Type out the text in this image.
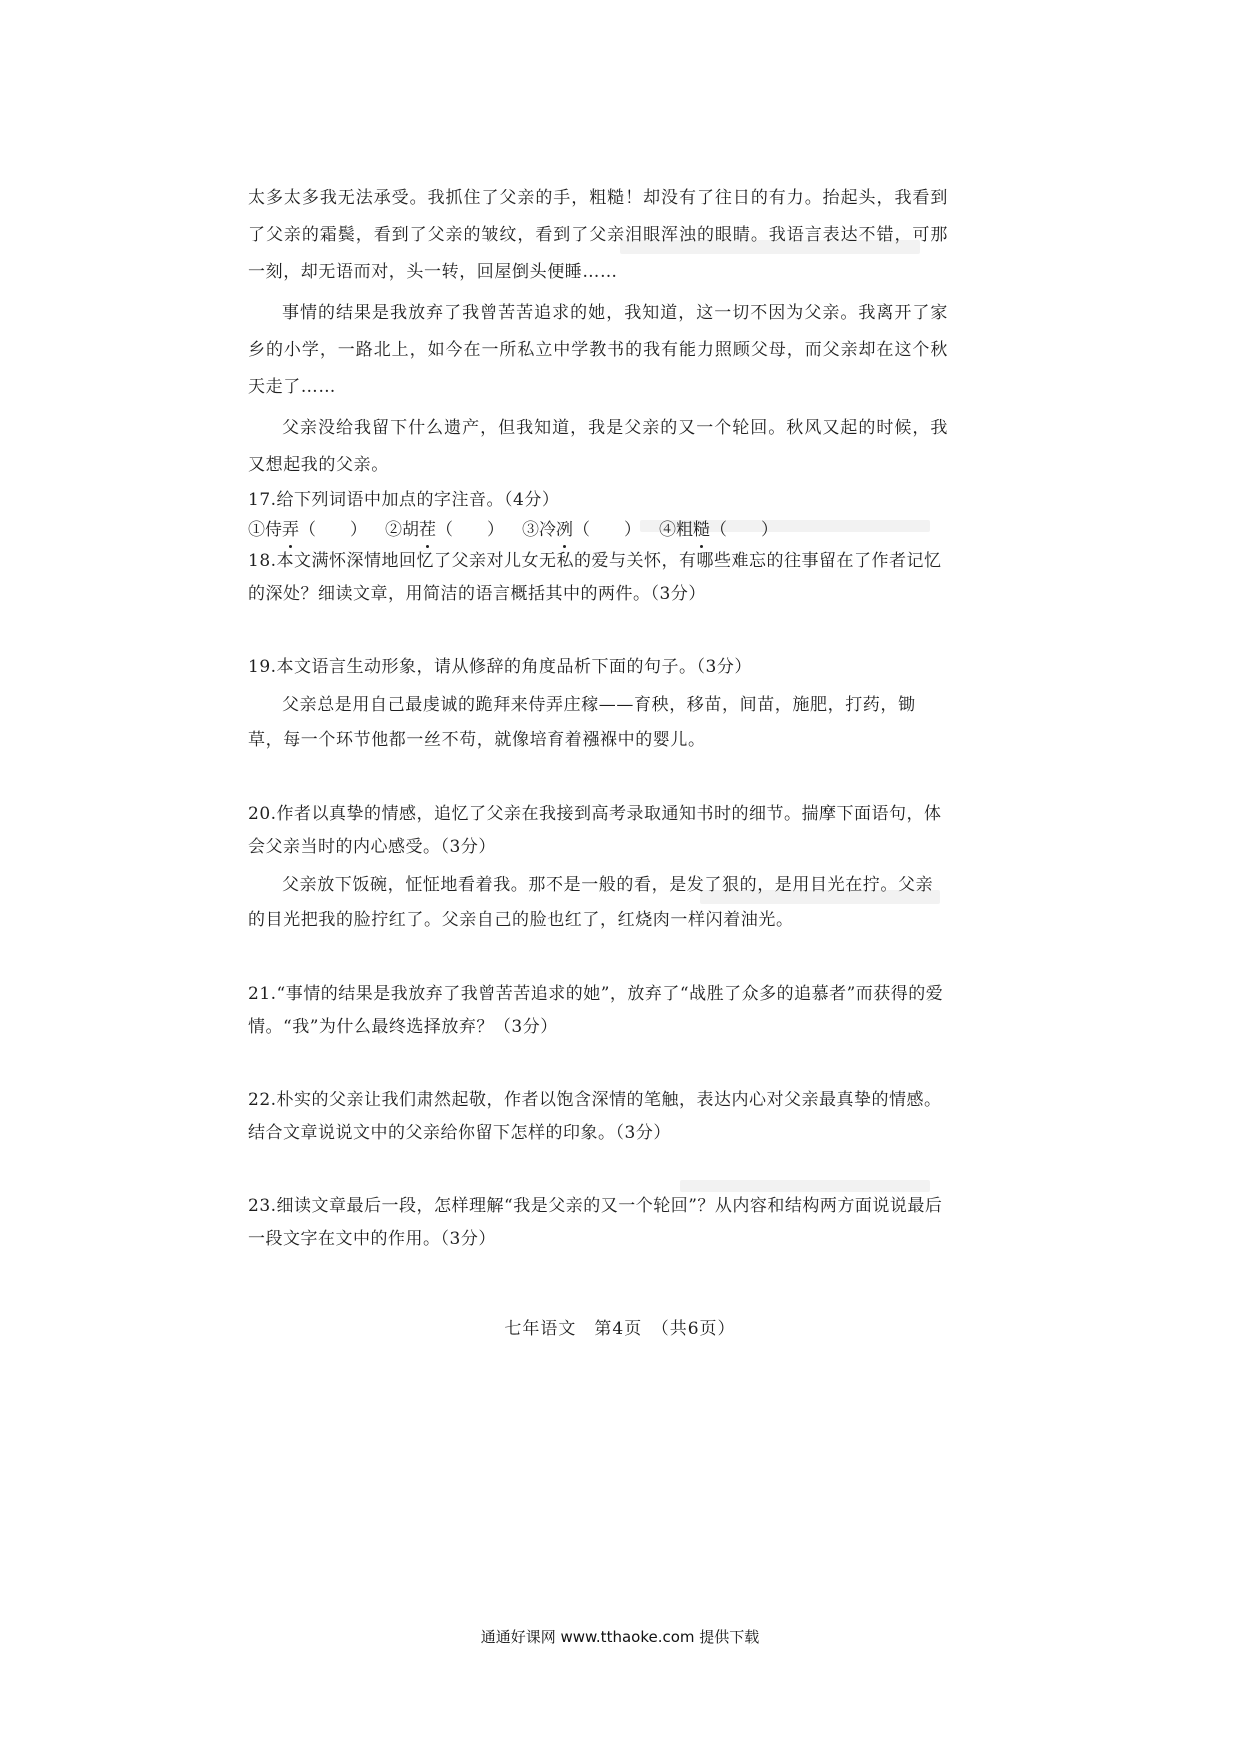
太多太多我无法承受。我抓住了父亲的手，粗糙！却没有了往日的有力。抬起头，我看到了父亲的霜鬓，看到了父亲的皱纹，看到了父亲泪眼浑浊的眼睛。我语言表达不错，可那一刻，却无语而对，头一转，回屋倒头便睡……

事情的结果是我放弃了我曾苦苦追求的她，我知道，这一切不因为父亲。我离开了家乡的小学，一路北上，如今在一所私立中学教书的我有能力照顾父母，而父亲却在这个秋天走了……

父亲没给我留下什么遗产，但我知道，我是父亲的又一个轮回。秋风又起的时候，我又想起我的父亲。

17.给下列词语中加点的字注音。（4分）

①侍弄（　　） ②胡茬（　　） ③冷冽（　　） ④粗糙（　　）

18.本文满怀深情地回忆了父亲对儿女无私的爱与关怀，有哪些难忘的往事留在了作者记忆

的深处？细读文章，用简洁的语言概括其中的两件。（3分）

19.本文语言生动形象，请从修辞的角度品析下面的句子。（3分）

父亲总是用自己最虔诚的跪拜来侍弄庄稼——育秧，移苗，间苗，施肥，打药，锄草，每一个环节他都一丝不苟，就像培育着襁褓中的婴儿。

20.作者以真挚的情感，追忆了父亲在我接到高考录取通知书时的细节。揣摩下面语句，体

会父亲当时的内心感受。（3分）

父亲放下饭碗，怔怔地看着我。那不是一般的看，是发了狠的，是用目光在拧。父亲的目光把我的脸拧红了。父亲自己的脸也红了，红烧肉一样闪着油光。

21.“事情的结果是我放弃了我曾苦苦追求的她”，放弃了“战胜了众多的追慕者”而获得的爱

情。“我”为什么最终选择放弃？（3分）

22.朴实的父亲让我们肃然起敬，作者以饱含深情的笔触，表达内心对父亲最真挚的情感。

结合文章说说文中的父亲给你留下怎样的印象。（3分）

23.细读文章最后一段，怎样理解“我是父亲的又一个轮回”？从内容和结构两方面说说最后

一段文字在文中的作用。（3分）

七年语文　第4页　（共6页）
通通好课网 www.tthaoke.com 提供下载
